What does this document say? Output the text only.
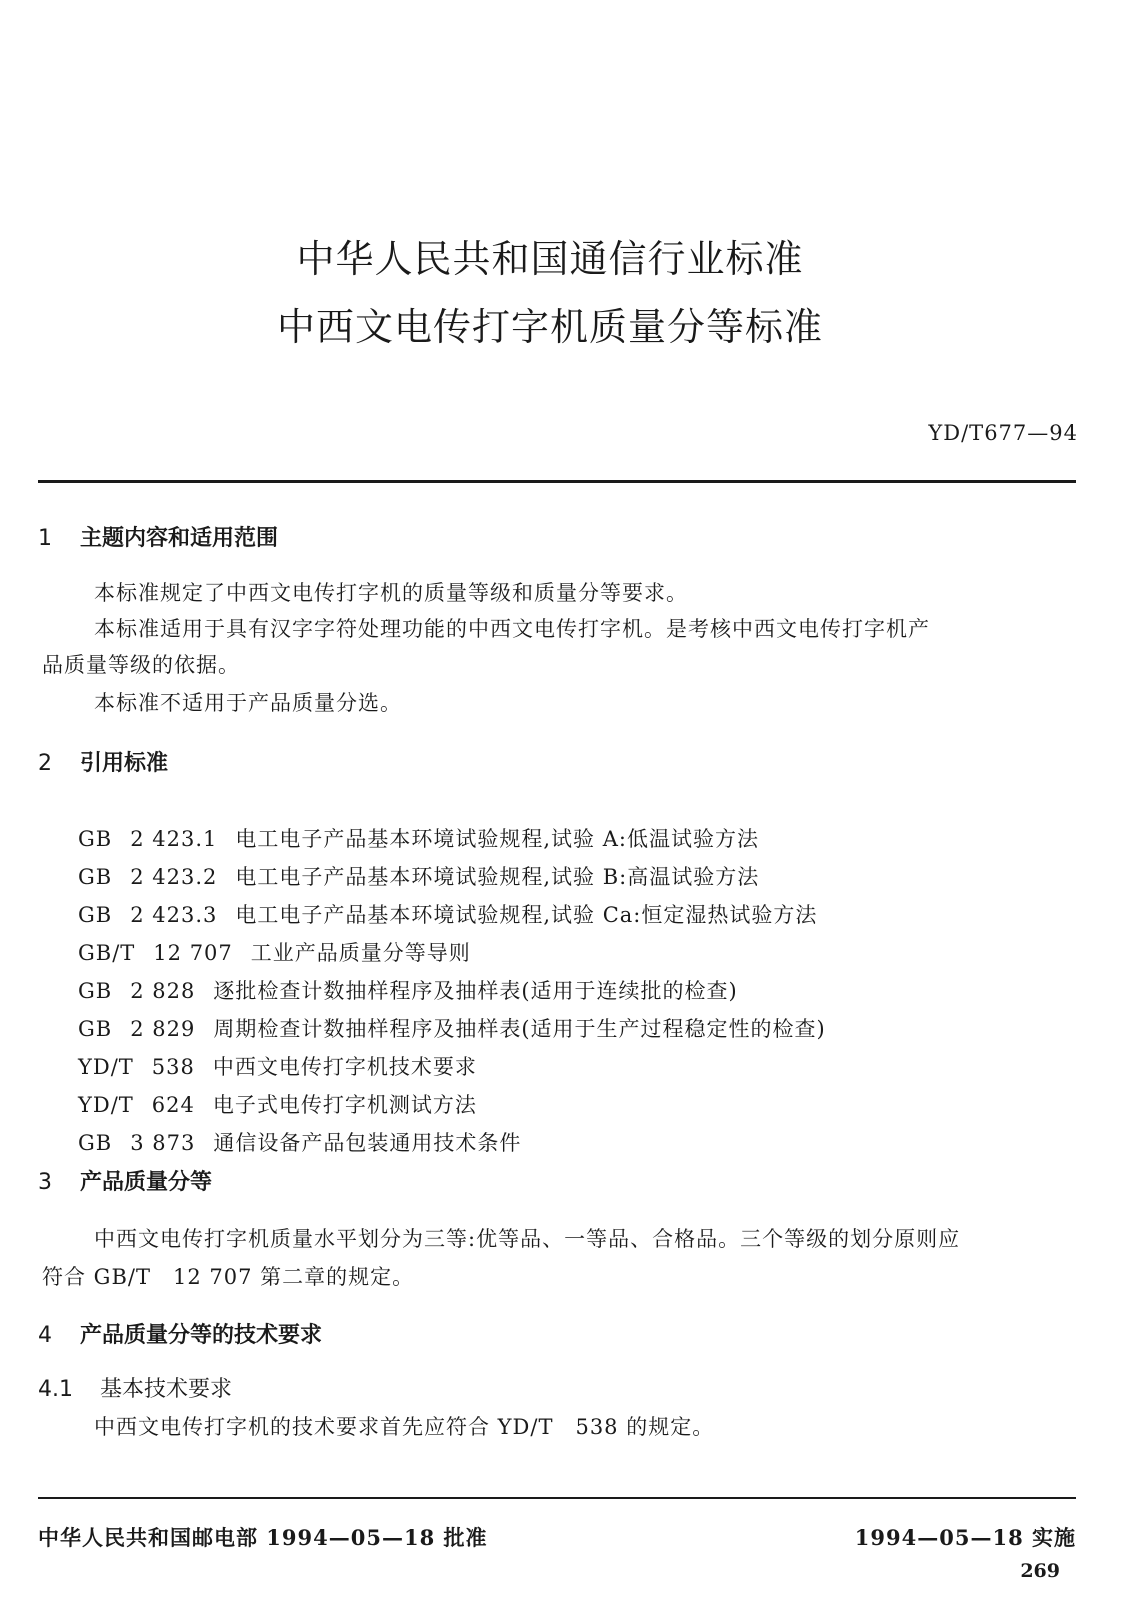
中华人民共和国通信行业标准
中西文电传打字机质量分等标准
YD/T677—94
1 主题内容和适用范围
本标准规定了中西文电传打字机的质量等级和质量分等要求。
本标准适用于具有汉字字符处理功能的中西文电传打字机。是考核中西文电传打字机产
品质量等级的依据。
本标准不适用于产品质量分选。
2 引用标准
GB 2 423.1 电工电子产品基本环境试验规程,试验 A:低温试验方法
GB 2 423.2 电工电子产品基本环境试验规程,试验 B:高温试验方法
GB 2 423.3 电工电子产品基本环境试验规程,试验 Ca:恒定湿热试验方法
GB/T 12 707 工业产品质量分等导则
GB 2 828 逐批检查计数抽样程序及抽样表(适用于连续批的检查)
GB 2 829 周期检查计数抽样程序及抽样表(适用于生产过程稳定性的检查)
YD/T 538 中西文电传打字机技术要求
YD/T 624 电子式电传打字机测试方法
GB 3 873 通信设备产品包装通用技术条件
3 产品质量分等
中西文电传打字机质量水平划分为三等:优等品、一等品、合格品。三个等级的划分原则应
符合 GB/T　12 707 第二章的规定。
4 产品质量分等的技术要求
4.1 基本技术要求
中西文电传打字机的技术要求首先应符合 YD/T　538 的规定。
中华人民共和国邮电部 1994—05—18 批准	1994—05—18 实施
269
